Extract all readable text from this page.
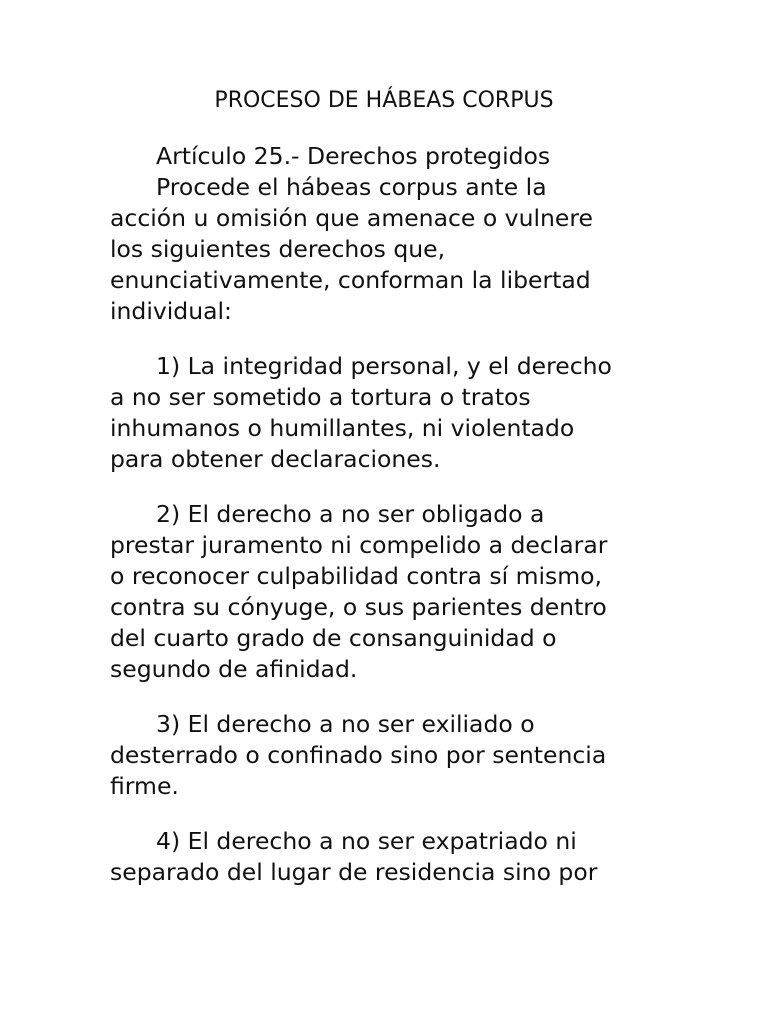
PROCESO DE HÁBEAS CORPUS

Artículo 25.- Derechos protegidos

Procede el hábeas corpus ante la
acción u omisión que amenace o vulnere
los siguientes derechos que,
enunciativamente, conforman la libertad
individual:

1) La integridad personal, y el derecho
a no ser sometido a tortura o tratos
inhumanos o humillantes, ni violentado
para obtener declaraciones.

2) El derecho a no ser obligado a
prestar juramento ni compelido a declarar
o reconocer culpabilidad contra sí mismo,
contra su cónyuge, o sus parientes dentro
del cuarto grado de consanguinidad o
segundo de afinidad.

3) El derecho a no ser exiliado o
desterrado o confinado sino por sentencia
firme.

4) El derecho a no ser expatriado ni
separado del lugar de residencia sino por
